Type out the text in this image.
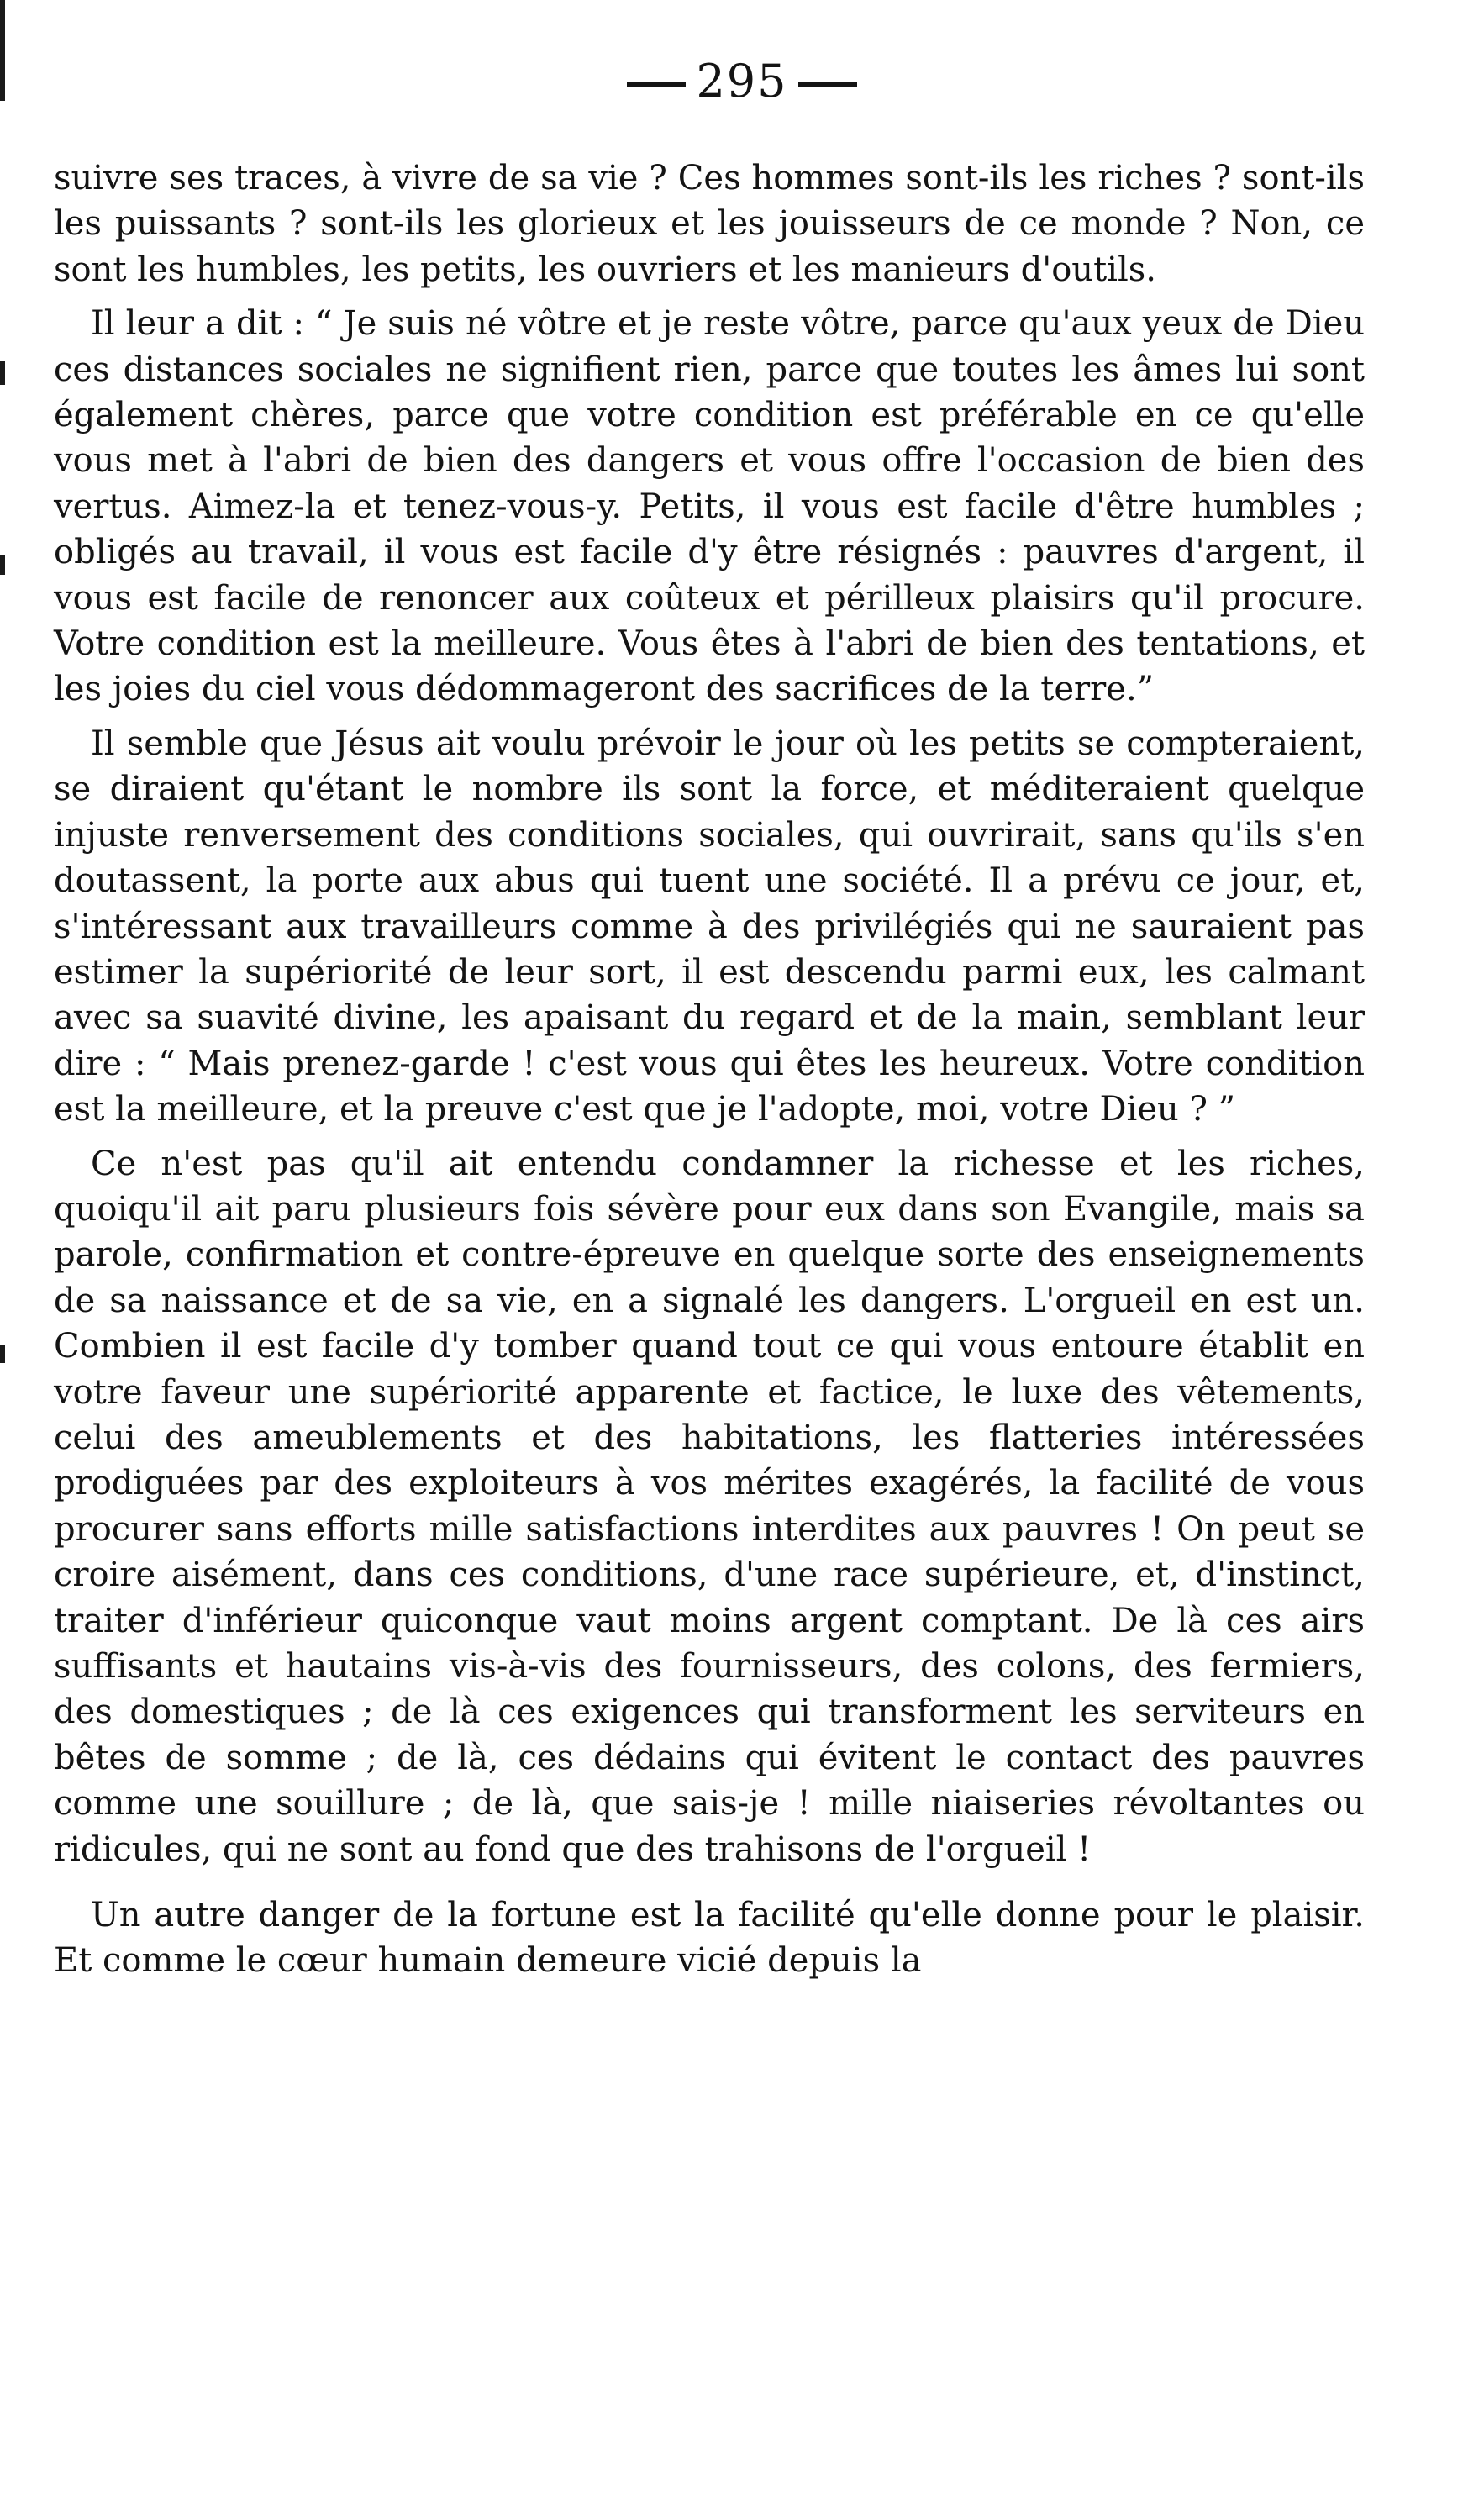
295

suivre ses traces, à vivre de sa vie ? Ces hommes sont-ils les riches ? sont-ils les puissants ? sont-ils les glorieux et les jouisseurs de ce monde ? Non, ce sont les humbles, les petits, les ouvriers et les manieurs d'outils.

Il leur a dit : “ Je suis né vôtre et je reste vôtre, parce qu'aux yeux de Dieu ces distances sociales ne signifient rien, parce que toutes les âmes lui sont également chères, parce que votre condition est préférable en ce qu'elle vous met à l'abri de bien des dangers et vous offre l'occasion de bien des vertus. Aimez-la et tenez-vous-y. Petits, il vous est facile d'être humbles ; obligés au travail, il vous est facile d'y être résignés : pauvres d'argent, il vous est facile de renoncer aux coûteux et périlleux plaisirs qu'il procure. Votre condition est la meilleure. Vous êtes à l'abri de bien des tentations, et les joies du ciel vous dédommageront des sacrifices de la terre.”

Il semble que Jésus ait voulu prévoir le jour où les petits se compteraient, se diraient qu'étant le nombre ils sont la force, et méditeraient quelque injuste renversement des conditions sociales, qui ouvrirait, sans qu'ils s'en doutassent, la porte aux abus qui tuent une société. Il a prévu ce jour, et, s'intéressant aux travailleurs comme à des privilégiés qui ne sauraient pas estimer la supériorité de leur sort, il est descendu parmi eux, les calmant avec sa suavité divine, les apaisant du regard et de la main, semblant leur dire : “ Mais prenez-garde ! c'est vous qui êtes les heureux. Votre condition est la meilleure, et la preuve c'est que je l'adopte, moi, votre Dieu ? ”

Ce n'est pas qu'il ait entendu condamner la richesse et les riches, quoiqu'il ait paru plusieurs fois sévère pour eux dans son Evangile, mais sa parole, confirmation et contre-épreuve en quelque sorte des enseignements de sa naissance et de sa vie, en a signalé les dangers. L'orgueil en est un. Combien il est facile d'y tomber quand tout ce qui vous entoure établit en votre faveur une supériorité apparente et factice, le luxe des vêtements, celui des ameublements et des habitations, les flatteries intéressées prodiguées par des exploiteurs à vos mérites exagérés, la facilité de vous procurer sans efforts mille satisfactions interdites aux pauvres ! On peut se croire aisément, dans ces conditions, d'une race supérieure, et, d'instinct, traiter d'inférieur quiconque vaut moins argent comptant. De là ces airs suffisants et hautains vis-à-vis des fournisseurs, des colons, des fermiers, des domestiques ; de là ces exigences qui transforment les serviteurs en bêtes de somme ; de là, ces dédains qui évitent le contact des pauvres comme une souillure ; de là, que sais-je ! mille niaiseries révoltantes ou ridicules, qui ne sont au fond que des trahisons de l'orgueil !

Un autre danger de la fortune est la facilité qu'elle donne pour le plaisir. Et comme le cœur humain demeure vicié depuis la
